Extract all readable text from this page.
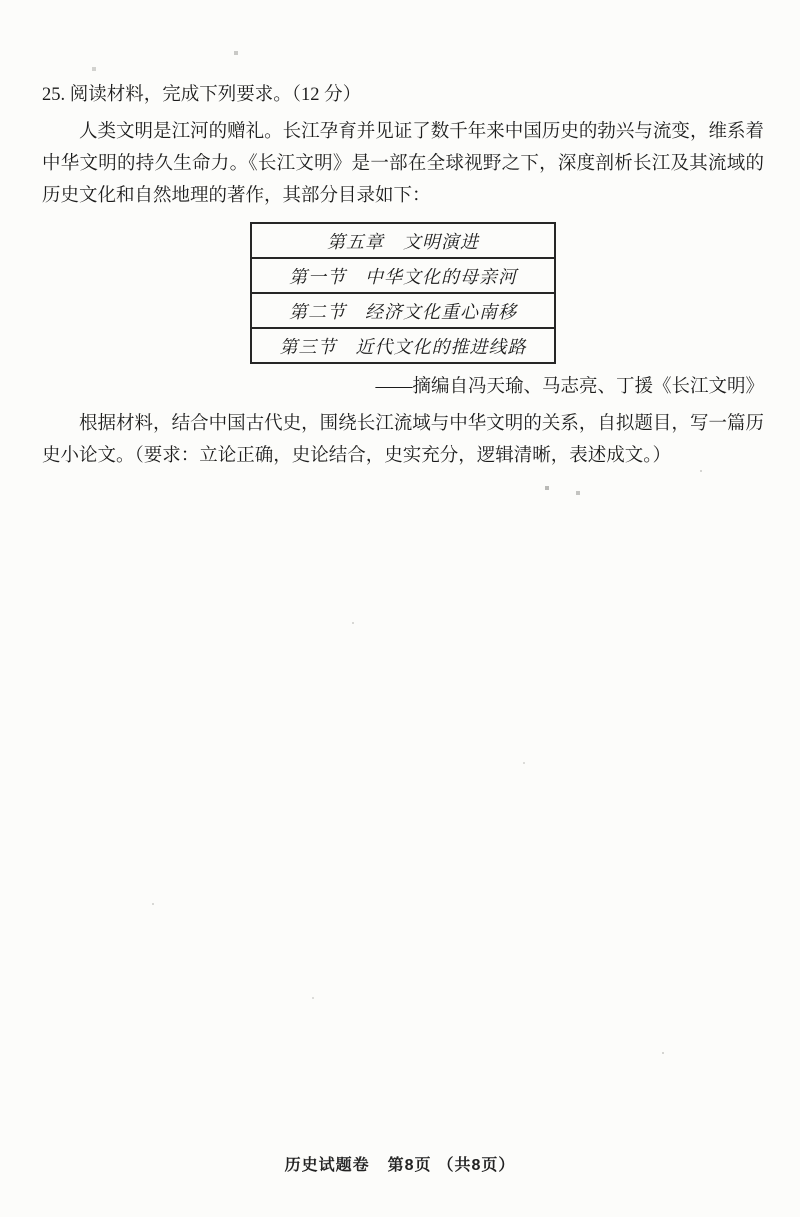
25. 阅读材料，完成下列要求。（12 分）

人类文明是江河的赠礼。长江孕育并见证了数千年来中国历史的勃兴与流变，维系着中华文明的持久生命力。《长江文明》是一部在全球视野之下，深度剖析长江及其流域的历史文化和自然地理的著作，其部分目录如下：

第五章　文明演进
第一节　中华文化的母亲河
第二节　经济文化重心南移
第三节　近代文化的推进线路

——摘编自冯天瑜、马志亮、丁援《长江文明》

根据材料，结合中国古代史，围绕长江流域与中华文明的关系，自拟题目，写一篇历史小论文。（要求：立论正确，史论结合，史实充分，逻辑清晰，表述成文。）

历史试题卷 第8页 （共8页）
